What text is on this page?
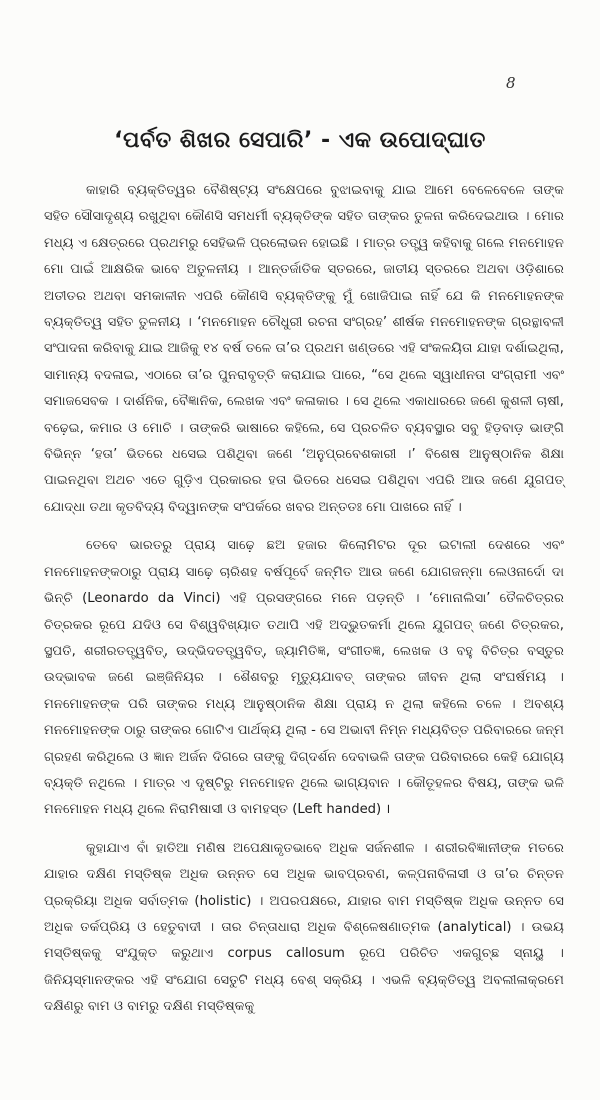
8
‘ପର୍ବତ ଶିଖର ସେପାରି’ - ଏକ ଉପୋଦ୍‌ଘାତ

କାହାରି ବ୍ୟକ୍ତିତ୍ୱର ବୈଶିଷ୍ଟ୍ୟ ସଂକ୍ଷେପରେ ବୁଝାଇବାକୁ ଯାଇ ଆମେ ବେଳେବେଳେ ତାଙ୍କ ସହିତ ସୌସାଦୃଶ୍ୟ ରଖୁଥିବା କୌଣସି ସମଧର୍ମୀ ବ୍ୟକ୍ତିଙ୍କ ସହିତ ତାଙ୍କର ତୁଳନା କରିଦେଇଥାଉ । ମୋର ମଧ୍ୟ ଏ କ୍ଷେତ୍ରରେ ପ୍ରଥମରୁ ସେହିଭଳି ପ୍ରଲୋଭନ ହୋଇଛି । ମାତ୍ର ତତ୍ତ୍ୱ କହିବାକୁ ଗଲେ ମନମୋହନ ମୋ ପାଇଁ ଆକ୍ଷରିକ ଭାବେ ଅତୁଳନୀୟ । ଆନ୍ତର୍ଜାତିକ ସ୍ତରରେ, ଜାତୀୟ ସ୍ତରରେ ଅଥବା ଓଡ଼ିଶାରେ ଅତୀତର ଅଥବା ସମକାଳୀନ ଏପରି କୌଣସି ବ୍ୟକ୍ତିଙ୍କୁ ମୁଁ ଖୋଜିପାଇ ନାହିଁ ଯେ କି ମନମୋହନଙ୍କ ବ୍ୟକ୍ତିତ୍ୱ ସହିତ ତୁଳନୀୟ । ‘ମନମୋହନ ଚୌଧୁରୀ ରଚନା ସଂଗ୍ରହ’ ଶୀର୍ଷକ ମନମୋହନଙ୍କ ଗ୍ରନ୍ଥାବଳୀ ସଂପାଦନା କରିବାକୁ ଯାଇ ଆଜିକୁ ୧୪ ବର୍ଷ ତଳେ ତା’ର ପ୍ରଥମ ଖଣ୍ଡରେ ଏହି ସଂକଳୟିତା ଯାହା ଦର୍ଶାଇଥିଲା, ସାମାନ୍ୟ ବଦଳାଇ, ଏଠାରେ ତା’ର ପୁନରାବୃତ୍ତି କରାଯାଇ ପାରେ, “ସେ ଥିଲେ ସ୍ୱାଧୀନତା ସଂଗ୍ରାମୀ ଏବଂ ସମାଜସେବକ । ଦାର୍ଶନିକ, ବୈଜ୍ଞାନିକ, ଲେଖକ ଏବଂ କଳାକାର । ସେ ଥିଲେ ଏକାଧାରରେ ଜଣେ କୁଶଳୀ ଚାଷୀ, ବଢ଼େଇ, କମାର ଓ ମୋଚି । ତାଙ୍କରି ଭାଷାରେ କହିଲେ, ସେ ପ୍ରଚଳିତ ବ୍ୟବସ୍ଥାର ସବୁ ହିଡ଼ବାଡ଼ ଭାଙ୍ଗି ବିଭିନ୍ନ ‘ହତା’ ଭିତରେ ଧସେଇ ପଶିଥିବା ଜଣେ ‘ଅନୁପ୍ରବେଶକାରୀ ।’ ବିଶେଷ ଆନୁଷ୍ଠାନିକ ଶିକ୍ଷା ପାଇନଥିବା ଅଥଚ ଏତେ ଗୁଡ଼ିଏ ପ୍ରକାରର ହତା ଭିତରେ ଧସେଇ ପଶିଥିବା ଏପରି ଆଉ ଜଣେ ଯୁଗପତ୍ ଯୋଦ୍ଧା ତଥା କୃତବିଦ୍ୟ ବିଦ୍ୱାନଙ୍କ ସଂପର୍କରେ ଖବର ଅନ୍ତତଃ ମୋ ପାଖରେ ନାହିଁ ।

ତେବେ ଭାରତରୁ ପ୍ରାୟ ସାଢ଼େ ଛଅ ହଜାର କିଲୋମିଟର ଦୂର ଇଟାଲୀ ଦେଶରେ ଏବଂ ମନମୋହନଙ୍କଠାରୁ ପ୍ରାୟ ସାଢ଼େ ଚାରିଶହ ବର୍ଷପୂର୍ବେ ଜନ୍ମିତ ଆଉ ଜଣେ ଯୋଗଜନ୍ମା ଲେଓନାର୍ଦୋ ଦା ଭିନ୍ଚି (Leonardo da Vinci) ଏହି ପ୍ରସଙ୍ଗରେ ମନେ ପଡ଼ନ୍ତି । ‘ମୋନାଲିସା’ ତୈଳଚିତ୍ରର ଚିତ୍ରକର ରୂପେ ଯଦିଓ ସେ ବିଶ୍ୱବିଖ୍ୟାତ ତଥାପି ଏହି ଅଦ୍ଭୁତକର୍ମା ଥିଲେ ଯୁଗପତ୍ ଜଣେ ଚିତ୍ରକର, ସ୍ଥପତି, ଶରୀରତତ୍ତ୍ୱବିତ୍, ଉଦ୍ଭିଦତତ୍ତ୍ୱବିତ୍, ଜ୍ୟାମିତିଜ୍ଞ, ସଂଗୀତଜ୍ଞ, ଲେଖକ ଓ ବହୁ ବିଚିତ୍ର ବସ୍ତୁର ଉଦ୍ଭାବକ ଜଣେ ଇଞ୍ଜିନିୟର । ଶୈଶବରୁ ମୃତ୍ୟୁଯାବତ୍ ତାଙ୍କର ଜୀବନ ଥିଲା ସଂଘର୍ଷମୟ । ମନମୋହନଙ୍କ ପରି ତାଙ୍କର ମଧ୍ୟ ଆନୁଷ୍ଠାନିକ ଶିକ୍ଷା ପ୍ରାୟ ନ ଥିଲା କହିଲେ ଚଳେ । ଅବଶ୍ୟ ମନମୋହନଙ୍କ ଠାରୁ ତାଙ୍କର ଗୋଟିଏ ପାର୍ଥକ୍ୟ ଥିଲା - ସେ ଅଭାବୀ ନିମ୍ନ ମଧ୍ୟବିତ୍ତ ପରିବାରରେ ଜନ୍ମ ଗ୍ରହଣ କରିଥିଲେ ଓ ଜ୍ଞାନ ଅର୍ଜନ ଦିଗରେ ତାଙ୍କୁ ଦିଗ୍‌ଦର୍ଶନ ଦେବାଭଳି ତାଙ୍କ ପରିବାରରେ କେହି ଯୋଗ୍ୟ ବ୍ୟକ୍ତି ନଥିଲେ । ମାତ୍ର ଏ ଦୃଷ୍ଟିରୁ ମନମୋହନ ଥିଲେ ଭାଗ୍ୟବାନ । କୌତୂହଳର ବିଷୟ, ତାଙ୍କ ଭଳି ମନମୋହନ ମଧ୍ୟ ଥିଲେ ନିରାମିଷାସୀ ଓ ବାମହସ୍ତ (Left handed) ।

କୁହାଯାଏ ବାଁ ହାତିଆ ମଣିଷ ଅପେକ୍ଷାକୃତଭାବେ ଅଧିକ ସର୍ଜନଶୀଳ । ଶରୀରବିଜ୍ଞାନୀଙ୍କ ମତରେ ଯାହାର ଦକ୍ଷିଣ ମସ୍ତିଷ୍କ ଅଧିକ ଉନ୍ନତ ସେ ଅଧିକ ଭାବପ୍ରବଣ, କଳ୍ପନାବିଳାସୀ ଓ ତା’ର ଚିନ୍ତନ ପ୍ରକ୍ରିୟା ଅଧିକ ସର୍ବାତ୍ମକ (holistic) । ଅପରପକ୍ଷରେ, ଯାହାର ବାମ ମସ୍ତିଷ୍କ ଅଧିକ ଉନ୍ନତ ସେ ଅଧିକ ତର୍କପ୍ରିୟ ଓ ହେତୁବାଦୀ । ତାର ଚିନ୍ତାଧାରା ଅଧିକ ବିଶ୍ଳେଷଣାତ୍ମକ (analytical) । ଉଭୟ ମସ୍ତିଷ୍କକୁ ସଂଯୁକ୍ତ କରୁଥାଏ corpus callosum ରୂପେ ପରିଚିତ ଏକଗୁଚ୍ଛ ସ୍ନାୟୁ । ଜିନିୟସ୍‌ମାନଙ୍କର ଏହି ସଂଯୋଗ ସେତୁଟି ମଧ୍ୟ ବେଶ୍ ସକ୍ରିୟ । ଏଭଳି ବ୍ୟକ୍ତିତ୍ୱ ଅବଲୀଳାକ୍ରମେ ଦକ୍ଷିଣରୁ ବାମ ଓ ବାମରୁ ଦକ୍ଷିଣ ମସ୍ତିଷ୍କକୁ
